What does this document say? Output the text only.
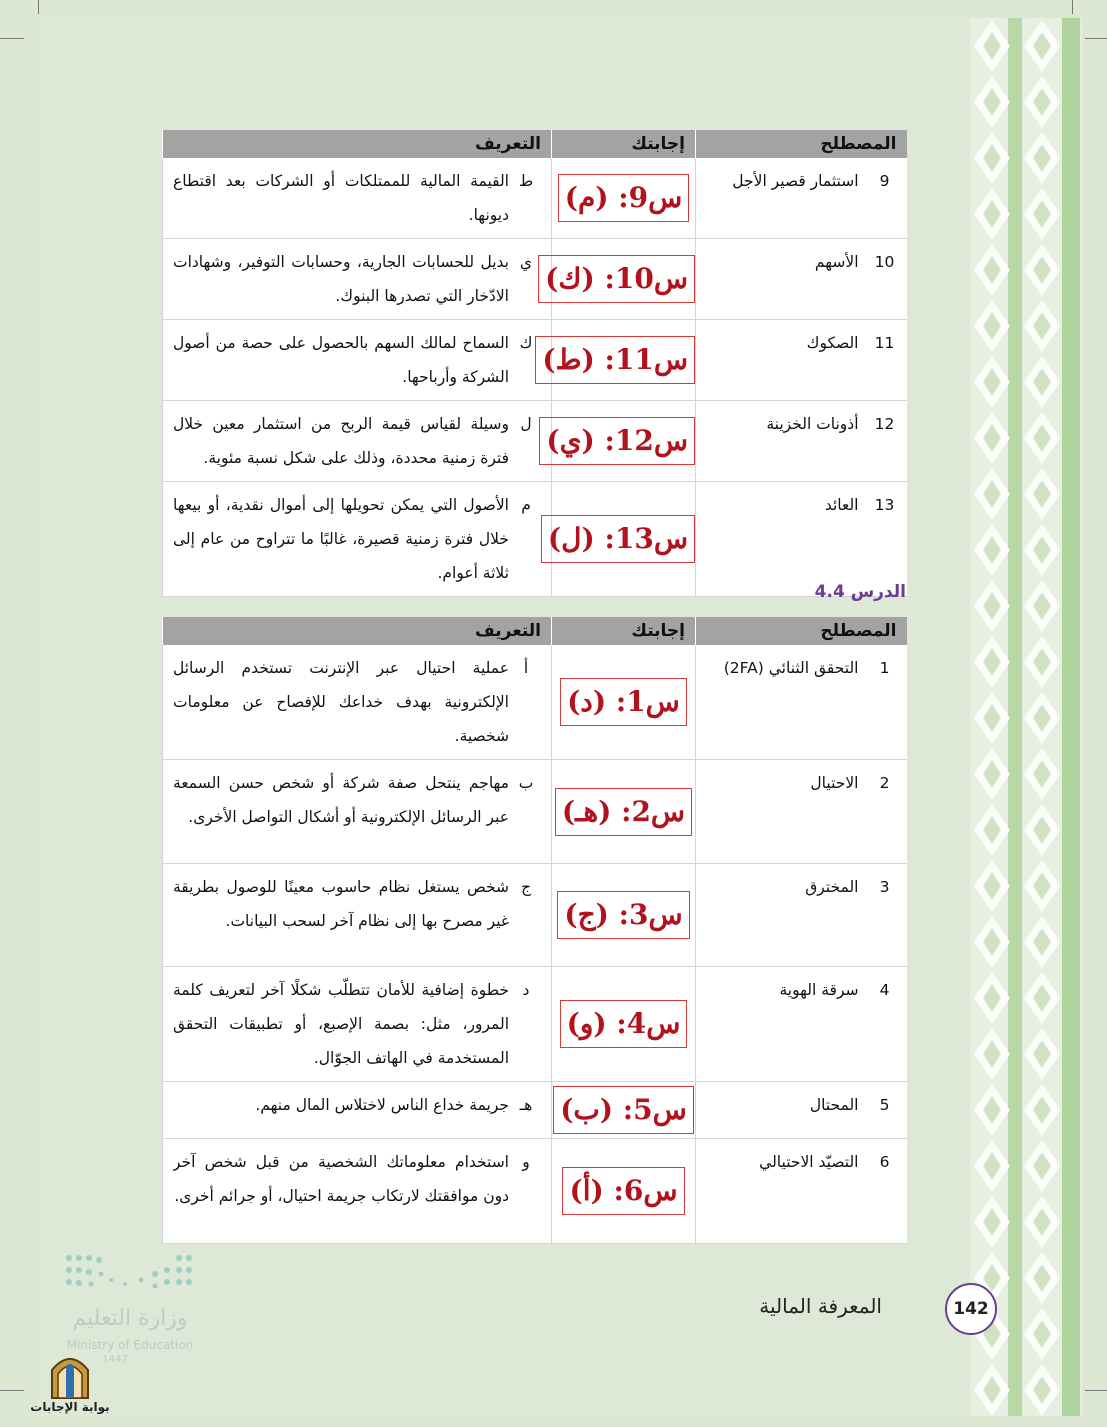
المصطلح	إجابتك	التعريف
9استثمار قصير الأجل	س9: (م)	ط
القيمة المالية للممتلكات أو الشركات بعد اقتطاع ديونها.

10الأسهم	س10: (ك)	ي
بديل للحسابات الجارية، وحسابات التوفير، وشهادات الادّخار التي تصدرها البنوك.

11الصكوك	س11: (ط)	ك
السماح لمالك السهم بالحصول على حصة من أصول الشركة وأرباحها.

12أذونات الخزينة	س12: (ي)	ل
وسيلة لقياس قيمة الربح من استثمار معين خلال فترة زمنية محددة، وذلك على شكل نسبة مئوية.

13العائد	س13: (ل)	م
الأصول التي يمكن تحويلها إلى أموال نقدية، أو بيعها خلال فترة زمنية قصيرة، غالبًا ما تتراوح من عام إلى ثلاثة أعوام.
الدرس 4.4
المصطلح	إجابتك	التعريف
1التحقق الثنائي (2FA)	س1: (د)	أ
عملية احتيال عبر الإنترنت تستخدم الرسائل الإلكترونية بهدف خداعك للإفصاح عن معلومات شخصية.

2الاحتيال	س2: (هـ)	ب
مهاجم ينتحل صفة شركة أو شخص حسن السمعة عبر الرسائل الإلكترونية أو أشكال التواصل الأخرى.

3المخترق	س3: (ج)	ج
شخص يستغل نظام حاسوب معينًا للوصول بطريقة غير مصرح بها إلى نظام آخر لسحب البيانات.

4سرقة الهوية	س4: (و)	د
خطوة إضافية للأمان تتطلّب شكلًا آخر لتعريف كلمة المرور، مثل: بصمة الإصبع، أو تطبيقات التحقق المستخدمة في الهاتف الجوّال.

5المحتال	س5: (ب)	هـ
جريمة خداع الناس لاختلاس المال منهم.

6التصيّد الاحتيالي	س6: (أ)	و
استخدام معلوماتك الشخصية من قبل شخص آخر دون موافقتك لارتكاب جريمة احتيال، أو جرائم أخرى.
وزارة التعليم
Ministry of Education
1447
بوابة الإجابات
المعرفة المالية	142
